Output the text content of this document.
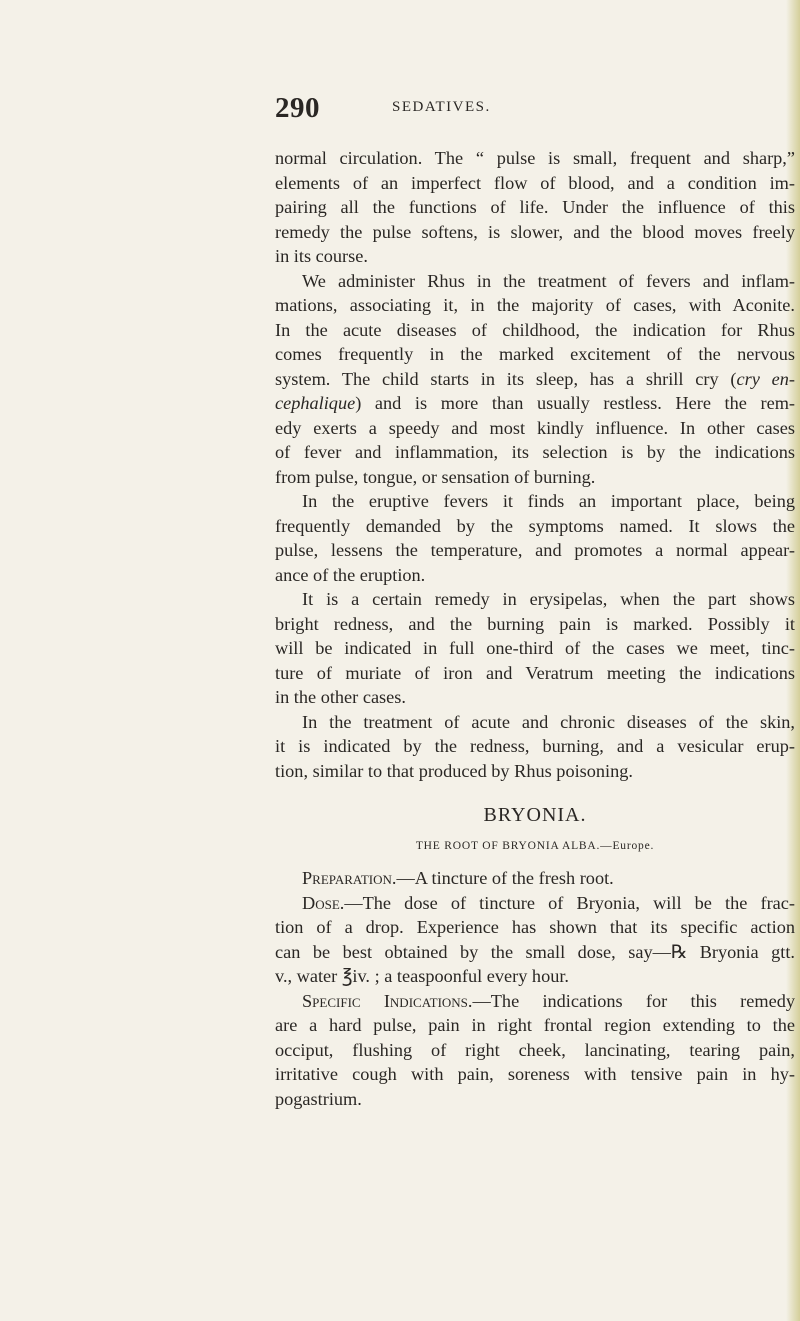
290	SEDATIVES.
normal circulation. The “ pulse is small, frequent and sharp,”
elements of an imperfect flow of blood, and a condition im-
pairing all the functions of life. Under the influence of this
remedy the pulse softens, is slower, and the blood moves freely
in its course.
We administer Rhus in the treatment of fevers and inflam-
mations, associating it, in the majority of cases, with Aconite.
In the acute diseases of childhood, the indication for Rhus
comes frequently in the marked excitement of the nervous
system. The child starts in its sleep, has a shrill cry (cry en-
cephalique) and is more than usually restless. Here the rem-
edy exerts a speedy and most kindly influence. In other cases
of fever and inflammation, its selection is by the indications
from pulse, tongue, or sensation of burning.
In the eruptive fevers it finds an important place, being
frequently demanded by the symptoms named. It slows the
pulse, lessens the temperature, and promotes a normal appear-
ance of the eruption.
It is a certain remedy in erysipelas, when the part shows
bright redness, and the burning pain is marked. Possibly it
will be indicated in full one-third of the cases we meet, tinc-
ture of muriate of iron and Veratrum meeting the indications
in the other cases.
In the treatment of acute and chronic diseases of the skin,
it is indicated by the redness, burning, and a vesicular erup-
tion, similar to that produced by Rhus poisoning.
BRYONIA.
THE ROOT OF BRYONIA ALBA.—Europe.
Preparation.—A tincture of the fresh root.
Dose.—The dose of tincture of Bryonia, will be the frac-
tion of a drop. Experience has shown that its specific action
can be best obtained by the small dose, say—℞ Bryonia gtt.
v., water ℥iv. ; a teaspoonful every hour.
Specific Indications.—The indications for this remedy
are a hard pulse, pain in right frontal region extending to the
occiput, flushing of right cheek, lancinating, tearing pain,
irritative cough with pain, soreness with tensive pain in hy-
pogastrium.
